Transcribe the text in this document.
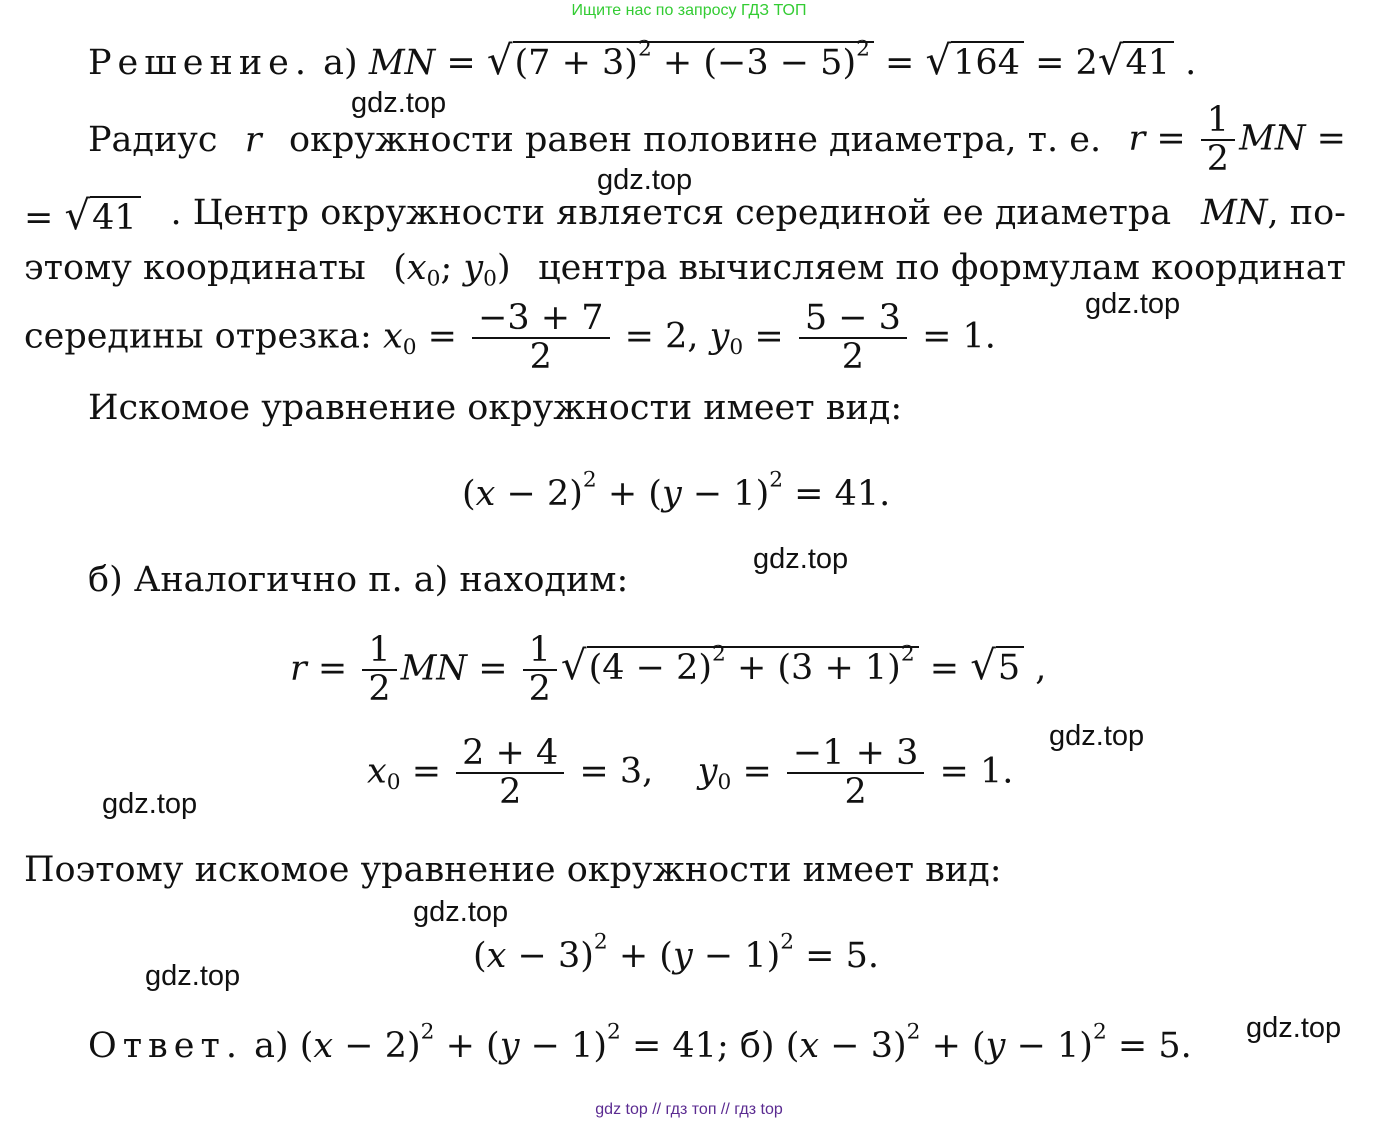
Ищите нас по запросу ГДЗ ТОП
Решение. а) MN = $√(7 + 3)^2 + (-3 - 5)^2 = √164 = 2√41$ .
gdz.top
Радиус r окружности равен половине диаметра, т. е. $r = \frac{1}{2}$ MN =
gdz.top
= √41 . Центр окружности является серединой ее диаметра MN, по-
этому координаты ($x_0$; $y_0$) центра вычисляем по формулам координат
gdz.top
середины отрезка: $x_0 = \frac{-3 + 7}{2} = 2$, $y_0 = \frac{5 - 3}{2} = 1$.
Искомое уравнение окружности имеет вид:
$(x - 2)^2 + (y - 1)^2 = 41$.
gdz.top
б) Аналогично п. а) находим:
$r = \frac{1}{2}$ MN = $\frac{1}{2} √(4 - 2)^2 + (3 + 1)^2 = √5$ ,
gdz.top
$x_0 = \frac{2 + 4}{2} = 3$,    $y_0 = \frac{-1 + 3}{2} = 1$.
gdz.top
Поэтому искомое уравнение окружности имеет вид:
gdz.top
$(x - 3)^2 + (y - 1)^2 = 5$.
gdz.top
Ответ. а) $(x - 2)^2 + (y - 1)^2 = 41$; б) $(x - 3)^2 + (y - 1)^2 = 5$. gdz.top
gdz top // гдз топ // гдз top
